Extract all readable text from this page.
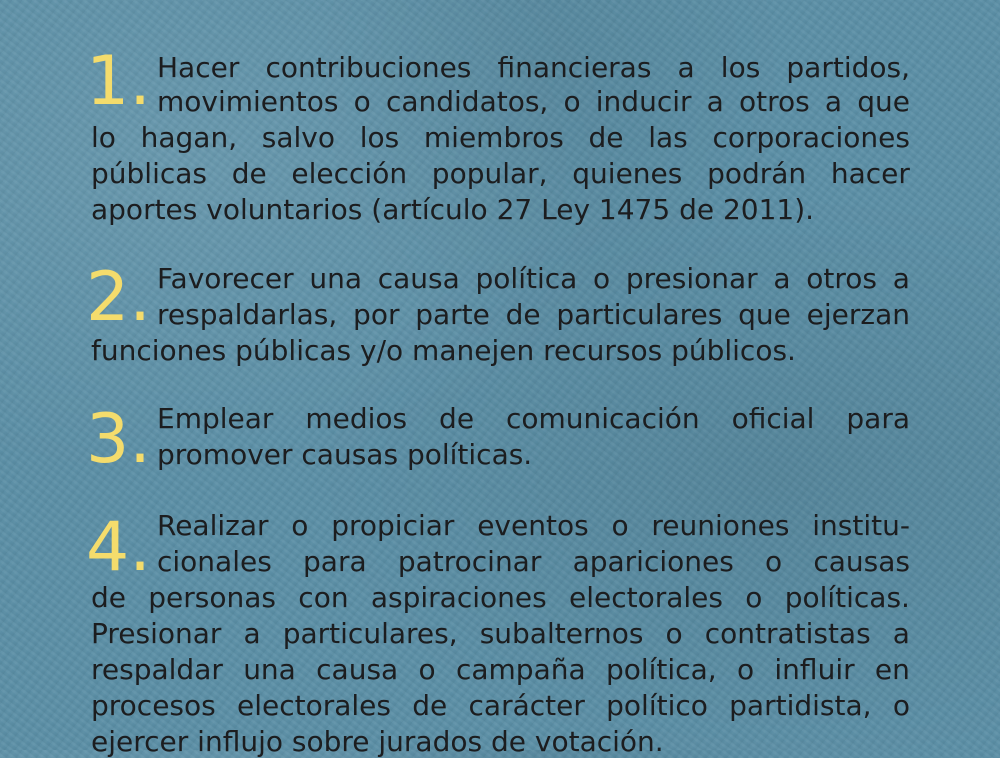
1. Hacer contribuciones financieras a los partidos,
movimientos o candidatos, o inducir a otros a que
lo hagan, salvo los miembros de las corporaciones
públicas de elección popular, quienes podrán hacer
aportes voluntarios (artículo 27 Ley 1475 de 2011).
2. Favorecer una causa política o presionar a otros a
respaldarlas, por parte de particulares que ejerzan
funciones públicas y/o manejen recursos públicos.
3. Emplear medios de comunicación oficial para
promover causas políticas.
4. Realizar o propiciar eventos o reuniones institu-
cionales para patrocinar apariciones o causas
de personas con aspiraciones electorales o políticas.
Presionar a particulares, subalternos o contratistas a
respaldar una causa o campaña política, o influir en
procesos electorales de carácter político partidista, o
ejercer influjo sobre jurados de votación.
